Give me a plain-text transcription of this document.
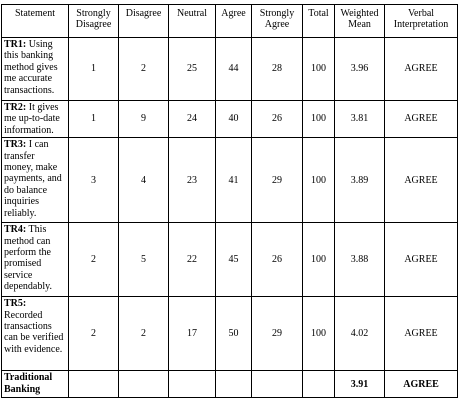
Statement	Strongly Disagree	Disagree	Neutral	Agree	Strongly Agree	Total	Weighted Mean	Verbal Interpretation
TR1: Using this banking method gives me accurate transactions.	1	2	25	44	28	100	3.96	AGREE
TR2: It gives me up-to-date information.	1	9	24	40	26	100	3.81	AGREE
TR3: I can transfer money, make payments, and do balance inquiries reliably.	3	4	23	41	29	100	3.89	AGREE
TR4: This method can perform the promised service dependably.	2	5	22	45	26	100	3.88	AGREE
TR5: Recorded transactions can be verified with evidence.	2	2	17	50	29	100	4.02	AGREE
Traditional Banking							3.91	AGREE
